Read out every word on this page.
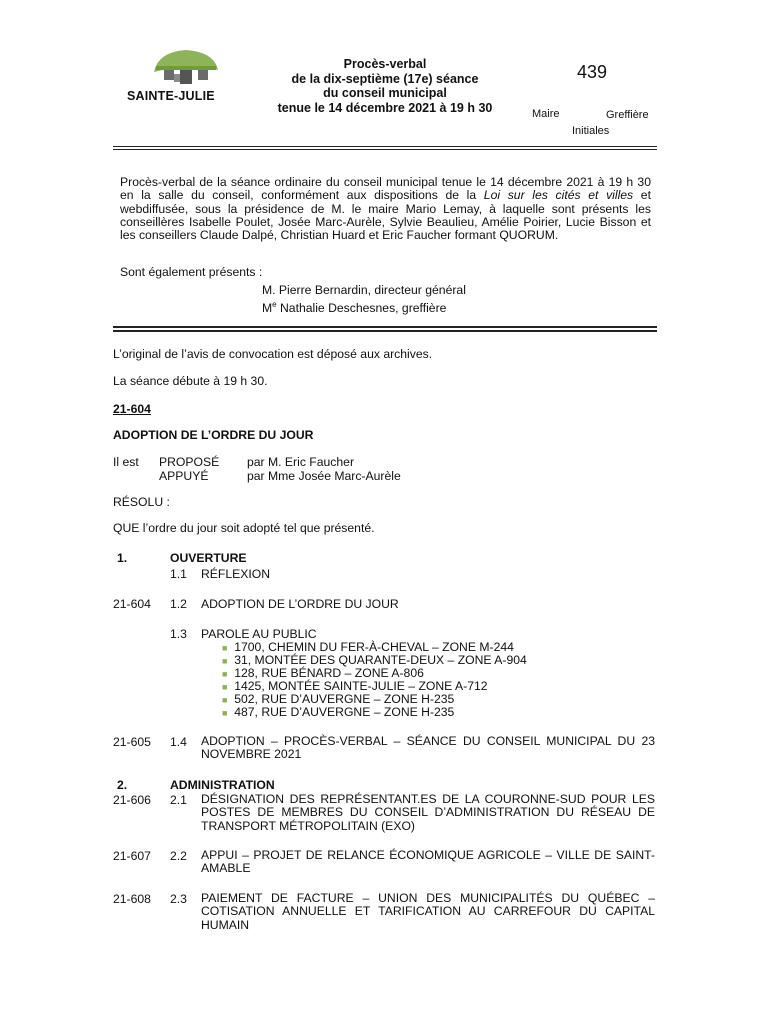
SAINTE-JULIE
Procès-verbal
de la dix-septième (17e) séance
du conseil municipal
tenue le 14 décembre 2021 à 19 h 30
439
Maire	Greffière
Initiales
Procès-verbal de la séance ordinaire du conseil municipal tenue le 14 décembre 2021 à 19 h 30 en la salle du conseil, conformément aux dispositions de la Loi sur les cités et villes et webdiffusée, sous la présidence de M. le maire Mario Lemay, à laquelle sont présents les conseillères Isabelle Poulet, Josée Marc-Aurèle, Sylvie Beaulieu, Amélie Poirier, Lucie Bisson et les conseillers Claude Dalpé, Christian Huard et Eric Faucher formant QUORUM.
Sont également présents :
M. Pierre Bernardin, directeur général
Me Nathalie Deschesnes, greffière
L’original de l’avis de convocation est déposé aux archives.
La séance débute à 19 h 30.
21-604
ADOPTION DE L’ORDRE DU JOUR
Il est PROPOSÉ par M. Eric Faucher
APPUYÉ	par Mme Josée Marc-Aurèle
RÉSOLU :
QUE l’ordre du jour soit adopté tel que présenté.
1.	OUVERTURE
1.1 RÉFLEXION
21-604 1.2 ADOPTION DE L’ORDRE DU JOUR
1.3 PAROLE AU PUBLIC
■ 1700, CHEMIN DU FER-À-CHEVAL – ZONE M-244
■ 31, MONTÉE DES QUARANTE-DEUX – ZONE A-904
■ 128, RUE BÉNARD – ZONE A-806
■ 1425, MONTÉE SAINTE-JULIE – ZONE A-712
■ 502, RUE D’AUVERGNE – ZONE H-235
■ 487, RUE D’AUVERGNE – ZONE H-235
21-605 1.4 ADOPTION – PROCÈS-VERBAL – SÉANCE DU CONSEIL MUNICIPAL DU 23 NOVEMBRE 2021
2.	ADMINISTRATION
21-606 2.1 DÉSIGNATION DES REPRÉSENTANT.ES DE LA COURONNE-SUD POUR LES POSTES DE MEMBRES DU CONSEIL D’ADMINISTRATION DU RÉSEAU DE TRANSPORT MÉTROPOLITAIN (EXO)
21-607 2.2 APPUI – PROJET DE RELANCE ÉCONOMIQUE AGRICOLE – VILLE DE SAINT-AMABLE
21-608 2.3 PAIEMENT DE FACTURE – UNION DES MUNICIPALITÉS DU QUÉBEC – COTISATION ANNUELLE ET TARIFICATION AU CARREFOUR DU CAPITAL HUMAIN
